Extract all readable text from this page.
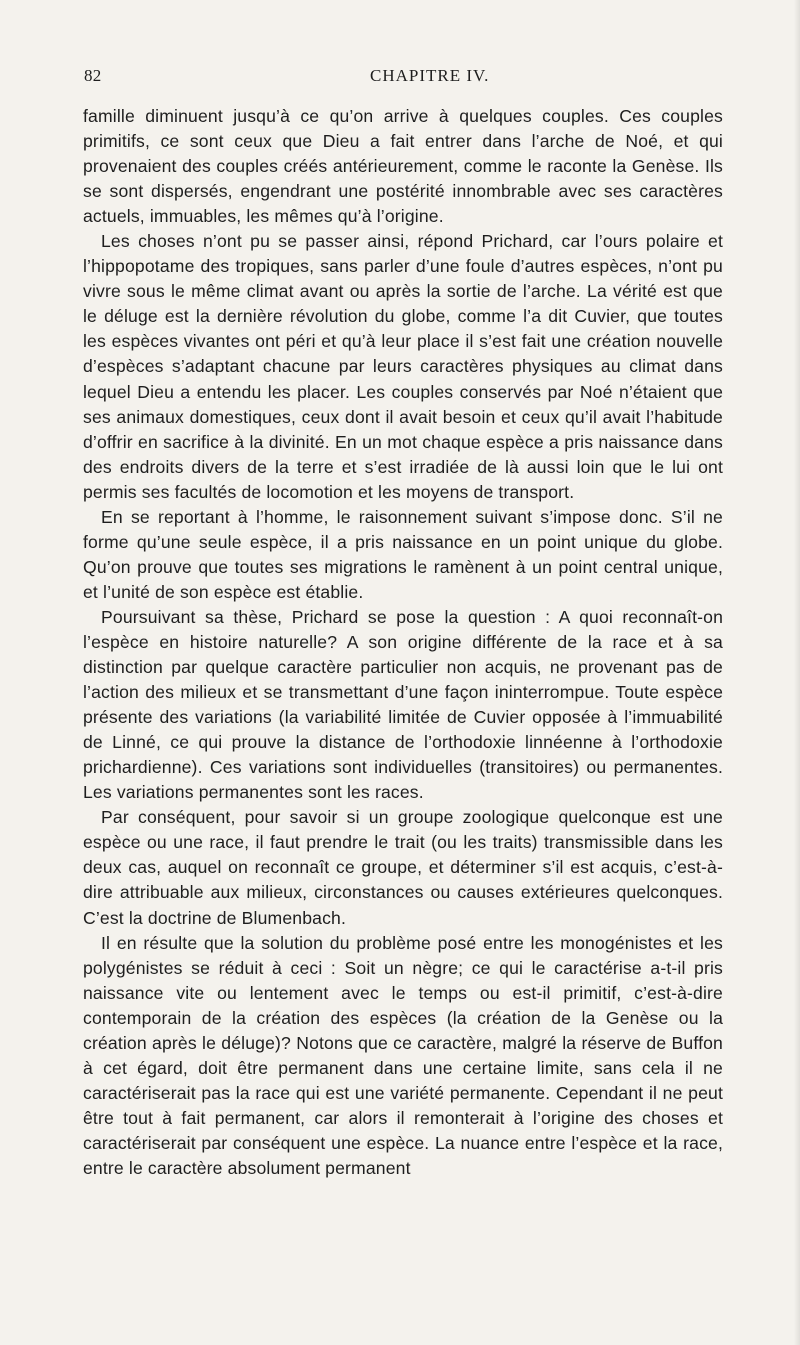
82	CHAPITRE IV.

famille diminuent jusqu’à ce qu’on arrive à quelques couples. Ces couples primitifs, ce sont ceux que Dieu a fait entrer dans l’arche de Noé, et qui provenaient des couples créés antérieurement, comme le raconte la Genèse. Ils se sont dispersés, engendrant une postérité innombrable avec ses caractères actuels, immuables, les mêmes qu’à l’origine.

Les choses n’ont pu se passer ainsi, répond Prichard, car l’ours polaire et l’hippopotame des tropiques, sans parler d’une foule d’autres espèces, n’ont pu vivre sous le même climat avant ou après la sortie de l’arche. La vérité est que le déluge est la dernière révolution du globe, comme l’a dit Cuvier, que toutes les espèces vivantes ont péri et qu’à leur place il s’est fait une création nouvelle d’espèces s’adaptant chacune par leurs caractères physiques au climat dans lequel Dieu a entendu les placer. Les couples conservés par Noé n’étaient que ses animaux domestiques, ceux dont il avait besoin et ceux qu’il avait l’habitude d’offrir en sacrifice à la divinité. En un mot chaque espèce a pris naissance dans des endroits divers de la terre et s’est irradiée de là aussi loin que le lui ont permis ses facultés de locomotion et les moyens de transport.

En se reportant à l’homme, le raisonnement suivant s’impose donc. S’il ne forme qu’une seule espèce, il a pris naissance en un point unique du globe. Qu’on prouve que toutes ses migrations le ramènent à un point central unique, et l’unité de son espèce est établie.

Poursuivant sa thèse, Prichard se pose la question : A quoi reconnaît-on l’espèce en histoire naturelle? A son origine différente de la race et à sa distinction par quelque caractère particulier non acquis, ne provenant pas de l’action des milieux et se transmettant d’une façon ininterrompue. Toute espèce présente des variations (la variabilité limitée de Cuvier opposée à l’immuabilité de Linné, ce qui prouve la distance de l’orthodoxie linnéenne à l’orthodoxie prichardienne). Ces variations sont individuelles (transitoires) ou permanentes. Les variations permanentes sont les races.

Par conséquent, pour savoir si un groupe zoologique quelconque est une espèce ou une race, il faut prendre le trait (ou les traits) transmissible dans les deux cas, auquel on reconnaît ce groupe, et déterminer s’il est acquis, c’est-à-dire attribuable aux milieux, circonstances ou causes extérieures quelconques. C’est la doctrine de Blumenbach.

Il en résulte que la solution du problème posé entre les monogénistes et les polygénistes se réduit à ceci : Soit un nègre; ce qui le caractérise a-t-il pris naissance vite ou lentement avec le temps ou est-il primitif, c’est-à-dire contemporain de la création des espèces (la création de la Genèse ou la création après le déluge)? Notons que ce caractère, malgré la réserve de Buffon à cet égard, doit être permanent dans une certaine limite, sans cela il ne caractériserait pas la race qui est une variété permanente. Cependant il ne peut être tout à fait permanent, car alors il remonterait à l’origine des choses et caractériserait par conséquent une espèce. La nuance entre l’espèce et la race, entre le caractère absolument permanent
